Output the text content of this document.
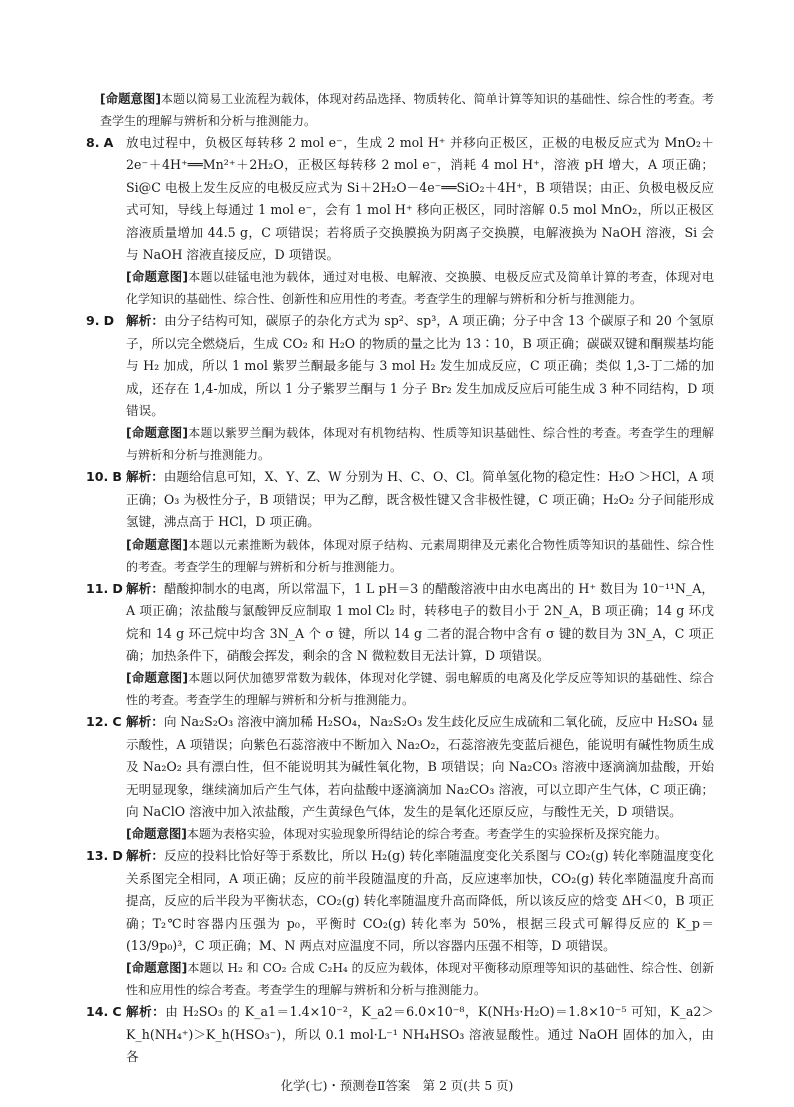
[命题意图]本题以简易工业流程为载体，体现对药品选择、物质转化、简单计算等知识的基础性、综合性的考查。考查学生的理解与辨析和分析与推测能力。
8. A	放电过程中，负极区每转移 2 mol e⁻，生成 2 mol H⁺ 并移向正极区，正极的电极反应式为 MnO₂＋2e⁻＋4H⁺══Mn²⁺＋2H₂O，正极区每转移 2 mol e⁻，消耗 4 mol H⁺，溶液 pH 增大，A 项正确；Si@C 电极上发生反应的电极反应式为 Si＋2H₂O－4e⁻══SiO₂＋4H⁺，B 项错误；由正、负极电极反应式可知，导线上每通过 1 mol e⁻，会有 1 mol H⁺ 移向正极区，同时溶解 0.5 mol MnO₂，所以正极区溶液质量增加 44.5 g，C 项错误；若将质子交换膜换为阴离子交换膜，电解液换为 NaOH 溶液，Si 会与 NaOH 溶液直接反应，D 项错误。
[命题意图]本题以硅锰电池为载体，通过对电极、电解液、交换膜、电极反应式及简单计算的考查，体现对电化学知识的基础性、综合性、创新性和应用性的考查。考查学生的理解与辨析和分析与推测能力。
9. D 解析：由分子结构可知，碳原子的杂化方式为 sp²、sp³，A 项正确；分子中含 13 个碳原子和 20 个氢原子，所以完全燃烧后，生成 CO₂ 和 H₂O 的物质的量之比为 13∶10，B 项正确；碳碳双键和酮羰基均能与 H₂ 加成，所以 1 mol 紫罗兰酮最多能与 3 mol H₂ 发生加成反应，C 项正确；类似 1,3-丁二烯的加成，还存在 1,4-加成，所以 1 分子紫罗兰酮与 1 分子 Br₂ 发生加成反应后可能生成 3 种不同结构，D 项错误。
[命题意图]本题以紫罗兰酮为载体，体现对有机物结构、性质等知识基础性、综合性的考查。考查学生的理解与辨析和分析与推测能力。
10. B 解析：由题给信息可知，X、Y、Z、W 分别为 H、C、O、Cl。简单氢化物的稳定性：H₂O ＞HCl，A 项正确；O₃ 为极性分子，B 项错误；甲为乙醇，既含极性键又含非极性键，C 项正确；H₂O₂ 分子间能形成氢键，沸点高于 HCl，D 项正确。
[命题意图]本题以元素推断为载体，体现对原子结构、元素周期律及元素化合物性质等知识的基础性、综合性的考查。考查学生的理解与辨析和分析与推测能力。
11. D 解析：醋酸抑制水的电离，所以常温下，1 L pH＝3 的醋酸溶液中由水电离出的 H⁺ 数目为 10⁻¹¹N_A，A 项正确；浓盐酸与氯酸钾反应制取 1 mol Cl₂ 时，转移电子的数目小于 2N_A，B 项正确；14 g 环戊烷和 14 g 环己烷中均含 3N_A 个 σ 键，所以 14 g 二者的混合物中含有 σ 键的数目为 3N_A，C 项正确；加热条件下，硝酸会挥发，剩余的含 N 微粒数目无法计算，D 项错误。
[命题意图]本题以阿伏加德罗常数为载体，体现对化学键、弱电解质的电离及化学反应等知识的基础性、综合性的考查。考查学生的理解与辨析和分析与推测能力。
12. C 解析：向 Na₂S₂O₃ 溶液中滴加稀 H₂SO₄，Na₂S₂O₃ 发生歧化反应生成硫和二氧化硫，反应中 H₂SO₄ 显示酸性，A 项错误；向紫色石蕊溶液中不断加入 Na₂O₂，石蕊溶液先变蓝后褪色，能说明有碱性物质生成及 Na₂O₂ 具有漂白性，但不能说明其为碱性氧化物，B 项错误；向 Na₂CO₃ 溶液中逐滴滴加盐酸，开始无明显现象，继续滴加后产生气体，若向盐酸中逐滴滴加 Na₂CO₃ 溶液，可以立即产生气体，C 项正确；向 NaClO 溶液中加入浓盐酸，产生黄绿色气体，发生的是氧化还原反应，与酸性无关，D 项错误。
[命题意图]本题为表格实验，体现对实验现象所得结论的综合考查。考查学生的实验探析及探究能力。
13. D 解析：反应的投料比恰好等于系数比，所以 H₂(g) 转化率随温度变化关系图与 CO₂(g) 转化率随温度变化关系图完全相同，A 项正确；反应的前半段随温度的升高，反应速率加快，CO₂(g) 转化率随温度升高而提高，反应的后半段为平衡状态，CO₂(g) 转化率随温度升高而降低，所以该反应的焓变 ΔH＜0，B 项正确；T₂℃时容器内压强为 p₀，平衡时 CO₂(g) 转化率为 50%，根据三段式可解得反应的 K_p＝(13/9p₀)³，C 项正确；M、N 两点对应温度不同，所以容器内压强不相等，D 项错误。
[命题意图]本题以 H₂ 和 CO₂ 合成 C₂H₄ 的反应为载体，体现对平衡移动原理等知识的基础性、综合性、创新性和应用性的综合考查。考查学生的理解与辨析和分析与推测能力。
14. C 解析：由 H₂SO₃ 的 K_a1＝1.4×10⁻²，K_a2＝6.0×10⁻⁸，K(NH₃·H₂O)＝1.8×10⁻⁵ 可知，K_a2＞K_h(NH₄⁺)＞K_h(HSO₃⁻)，所以 0.1 mol·L⁻¹ NH₄HSO₃ 溶液显酸性。通过 NaOH 固体的加入，由各
化学(七)・预测卷Ⅱ答案　第 2 页(共 5 页)
